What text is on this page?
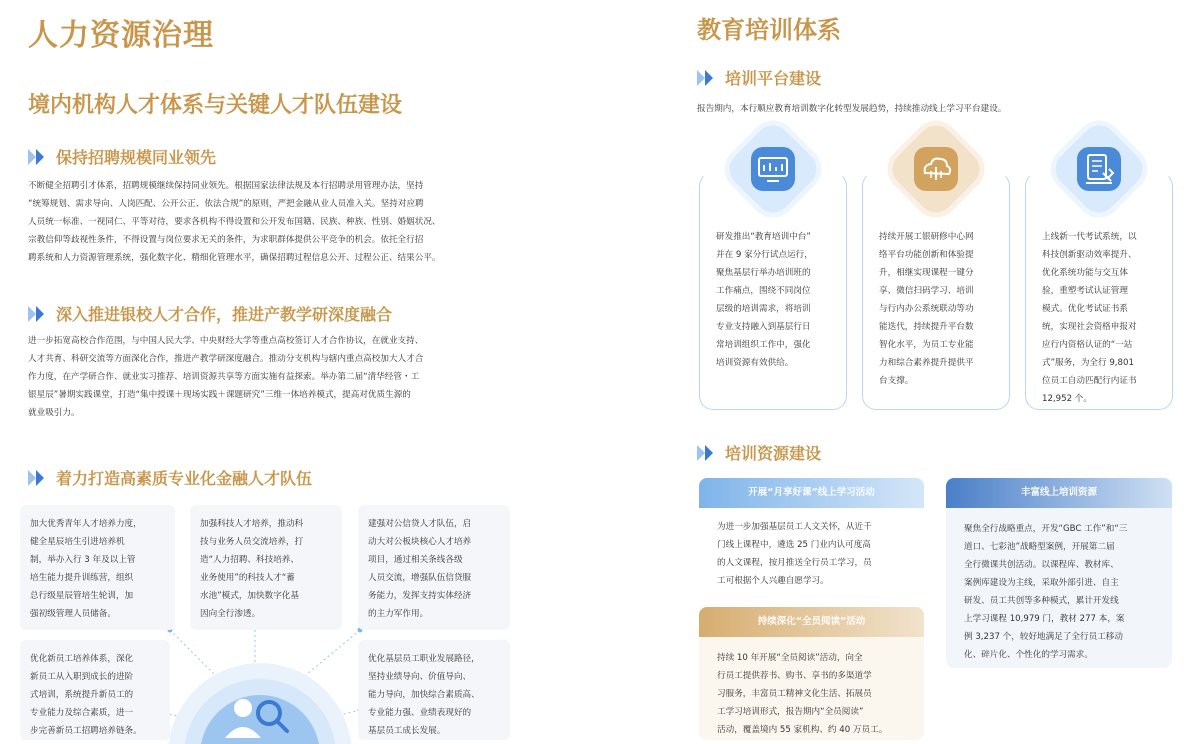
人力资源治理
境内机构人才体系与关键人才队伍建设
保持招聘规模同业领先
不断健全招聘引才体系，招聘规模继续保持同业领先。根据国家法律法规及本行招聘录用管理办法，坚持
“统筹规划、需求导向、人岗匹配、公开公正、依法合规”的原则，严把金融从业人员准入关。坚持对应聘
人员统一标准、一视同仁、平等对待，要求各机构不得设置和公开发布国籍、民族、种族、性别、婚姻状况、
宗教信仰等歧视性条件，不得设置与岗位要求无关的条件，为求职群体提供公平竞争的机会。依托全行招
聘系统和人力资源管理系统，强化数字化、精细化管理水平，确保招聘过程信息公开、过程公正、结果公平。
深入推进银校人才合作，推进产教学研深度融合
进一步拓宽高校合作范围，与中国人民大学、中央财经大学等重点高校签订人才合作协议，在就业支持、
人才共育、科研交流等方面深化合作，推进产教学研深度融合。推动分支机构与辖内重点高校加大人才合
作力度，在产学研合作、就业实习推荐、培训资源共享等方面实施有益探索。举办第二届“清华经管・工
银星辰”暑期实践课堂，打造“集中授课＋现场实践＋课题研究”三维一体培养模式，提高对优质生源的
就业吸引力。
着力打造高素质专业化金融人才队伍
加大优秀青年人才培养力度，
健全星辰培生引进培养机
制，举办入行 3 年及以上管
培生能力提升训练营，组织
总行级星辰管培生轮训，加
强初级管理人员储备。
加强科技人才培养，推动科
技与业务人员交流培养，打
造“人力招聘、科技培养、
业务使用”的科技人才“蓄
水池”模式，加快数字化基
因向全行渗透。
建强对公信贷人才队伍，启
动大对公板块核心人才培养
项目，通过相关条线各级
人员交流，增强队伍信贷服
务能力，发挥支持实体经济
的主力军作用。
优化新员工培养体系，深化
新员工从入职到成长的进阶
式培训，系统提升新员工的
专业能力及综合素质，进一
步完善新员工招聘培养链条。
优化基层员工职业发展路径，
坚持业绩导向、价值导向、
能力导向，加快综合素质高、
专业能力强、业绩表现好的
基层员工成长发展。
教育培训体系
培训平台建设
报告期内，本行顺应教育培训数字化转型发展趋势，持续推动线上学习平台建设。
研发推出“教育培训中台”
并在 9 家分行试点运行，
聚焦基层行举办培训班的
工作痛点，围绕不同岗位
层级的培训需求，将培训
专业支持融入到基层行日
常培训组织工作中，强化
培训资源有效供给。
持续开展工银研修中心网
络平台功能创新和体验提
升，相继实现课程一键分
享、微信扫码学习、培训
与行内办公系统联动等功
能迭代，持续提升平台数
智化水平，为员工专业能
力和综合素养提升提供平
台支撑。
上线新一代考试系统，以
科技创新驱动效率提升、
优化系统功能与交互体
验，重塑考试认证管理
模式。优化考试证书系
统，实现社会资格申报对
应行内资格认证的“一站
式”服务，为全行 9,801
位员工自动匹配行内证书
12,952 个。
培训资源建设
开展“月享好课”线上学习活动
为进一步加强基层员工人文关怀，从近千
门线上课程中，遴选 25 门业内认可度高
的人文课程，按月推送全行员工学习，员
工可根据个人兴趣自愿学习。
持续深化“全员阅读”活动
持续 10 年开展“全员阅读”活动，向全
行员工提供荐书、购书、享书的多渠道学
习服务，丰富员工精神文化生活、拓展员
工学习培训形式，报告期内“全员阅读”
活动，覆盖境内 55 家机构、约 40 万员工。
丰富线上培训资源
聚焦全行战略重点，开发“GBC 工作”和“三
道口、七彩池”战略型案例，开展第二届
全行微课共创活动。以课程库、教材库、
案例库建设为主线，采取外部引进、自主
研发、员工共创等多种模式，累计开发线
上学习课程 10,979 门，教材 277 本，案
例 3,237 个，较好地满足了全行员工移动
化、碎片化、个性化的学习需求。
